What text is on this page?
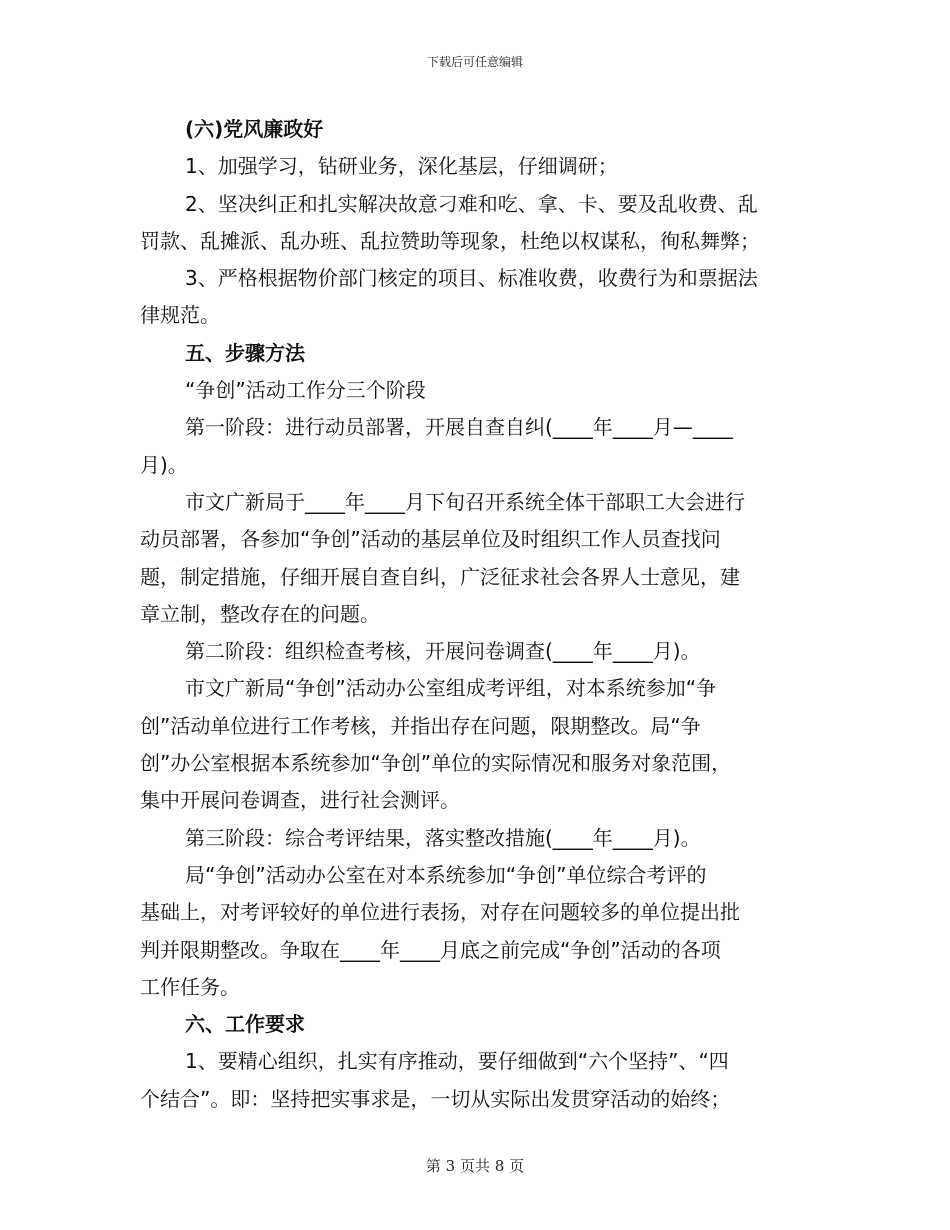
下载后可任意编辑
(六)党风廉政好
1、加强学习，钻研业务，深化基层，仔细调研；
2、坚决纠正和扎实解决故意刁难和吃、拿、卡、要及乱收费、乱
罚款、乱摊派、乱办班、乱拉赞助等现象，杜绝以权谋私，徇私舞弊；
3、严格根据物价部门核定的项目、标准收费，收费行为和票据法
律规范。
五、步骤方法
“争创”活动工作分三个阶段
第一阶段：进行动员部署，开展自查自纠(____年____月—____
月)。
市文广新局于____年____月下旬召开系统全体干部职工大会进行
动员部署，各参加“争创”活动的基层单位及时组织工作人员查找问
题，制定措施，仔细开展自查自纠，广泛征求社会各界人士意见，建
章立制，整改存在的问题。
第二阶段：组织检查考核，开展问卷调查(____年____月)。
市文广新局“争创”活动办公室组成考评组，对本系统参加“争
创”活动单位进行工作考核，并指出存在问题，限期整改。局“争
创”办公室根据本系统参加“争创”单位的实际情况和服务对象范围，
集中开展问卷调查，进行社会测评。
第三阶段：综合考评结果，落实整改措施(____年____月)。
局“争创”活动办公室在对本系统参加“争创”单位综合考评的
基础上，对考评较好的单位进行表扬，对存在问题较多的单位提出批
判并限期整改。争取在____年____月底之前完成“争创”活动的各项
工作任务。
六、工作要求
1、要精心组织，扎实有序推动，要仔细做到“六个坚持”、“四
个结合”。即：坚持把实事求是，一切从实际出发贯穿活动的始终；
第 3 页共 8 页
